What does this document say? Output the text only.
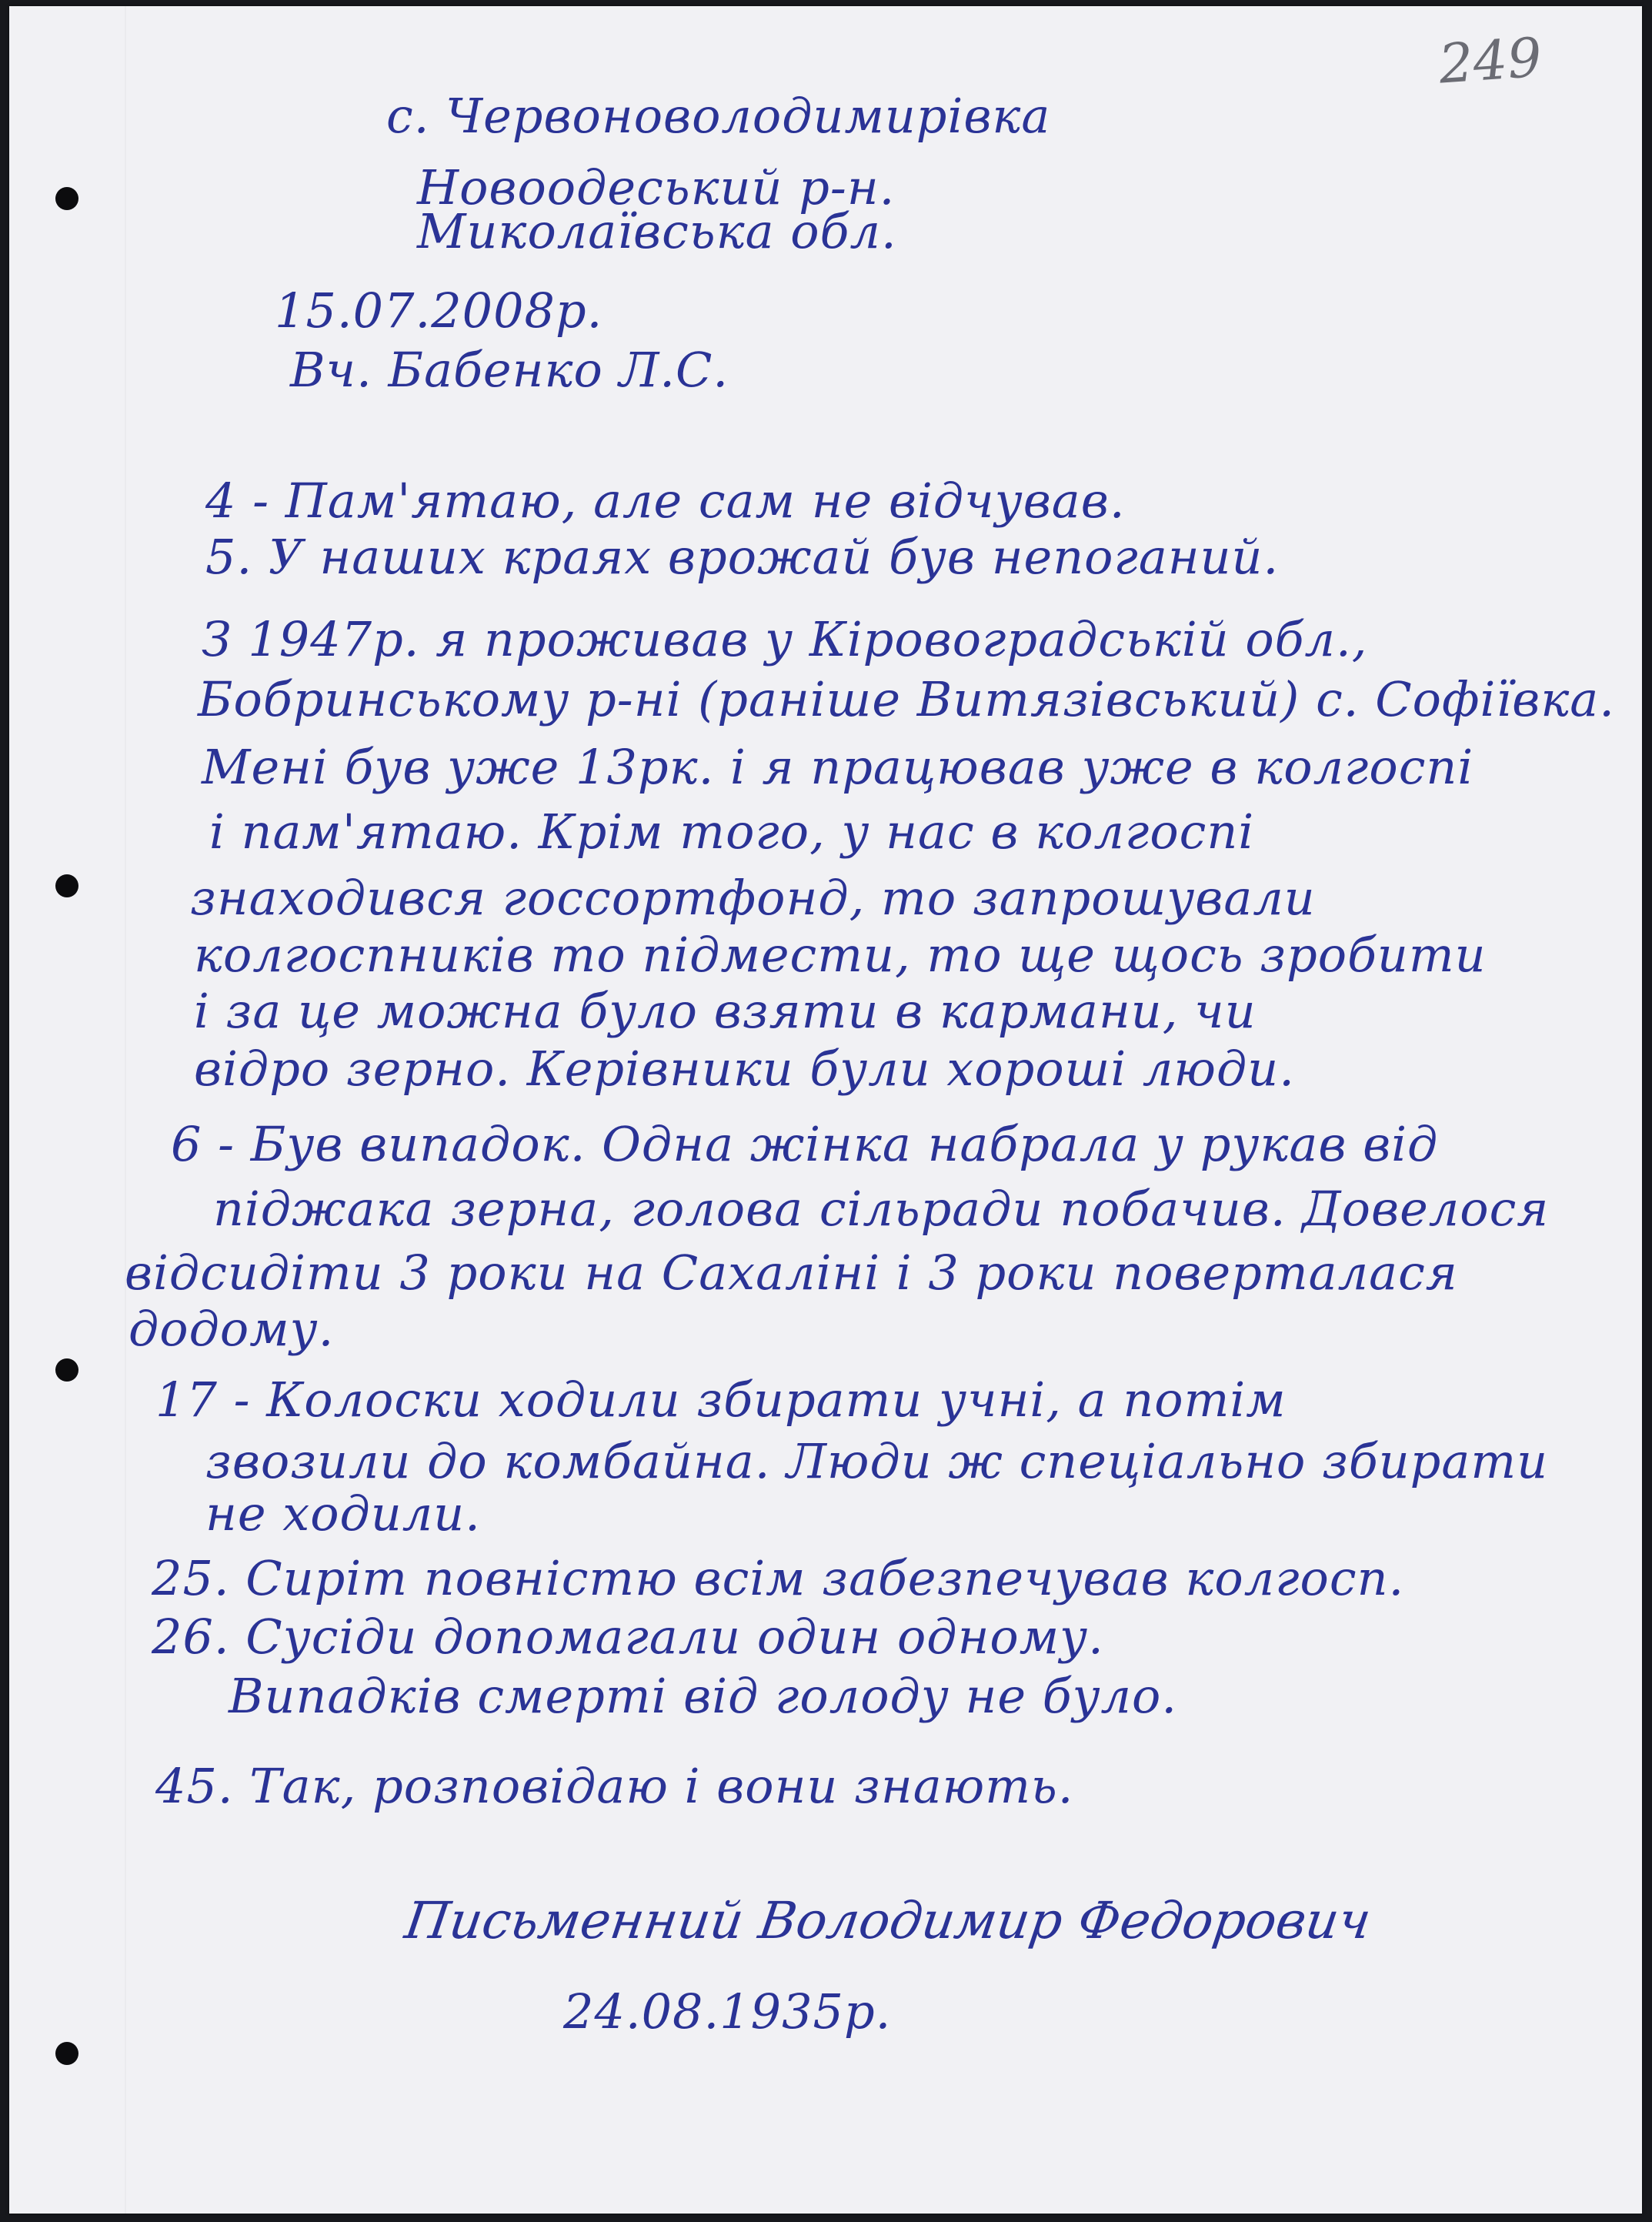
249
с. Червоноволодимирівка
Новоодеський р-н.
Миколаївська обл.
15.07.2008р.
Вч. Бабенко Л.С.
4 - Пам'ятаю, але сам не відчував.
5. У наших краях врожай був непоганий.
З 1947р. я проживав у Кіровоградській обл.,
Бобринському р-ні (раніше Витязівський) с. Софіївка.
Мені був уже 13рк. і я працював уже в колгоспі
і пам'ятаю. Крім того, у нас в колгоспі
знаходився госсортфонд, то запрошували
колгоспників то підмести, то ще щось зробити
і за це можна було взяти в кармани, чи
відро зерно. Керівники були хороші люди.
6 - Був випадок. Одна жінка набрала у рукав від
піджака зерна, голова сільради побачив. Довелося
відсидіти 3 роки на Сахаліні і 3 роки поверталася
додому.
17 - Колоски ходили збирати учні, а потім
звозили до комбайна. Люди ж спеціально збирати
не ходили.
25. Сиріт повністю всім забезпечував колгосп.
26. Сусіди допомагали один одному.
Випадків смерті від голоду не було.
45. Так, розповідаю і вони знають.
Письменний Володимир Федорович
24.08.1935р.
